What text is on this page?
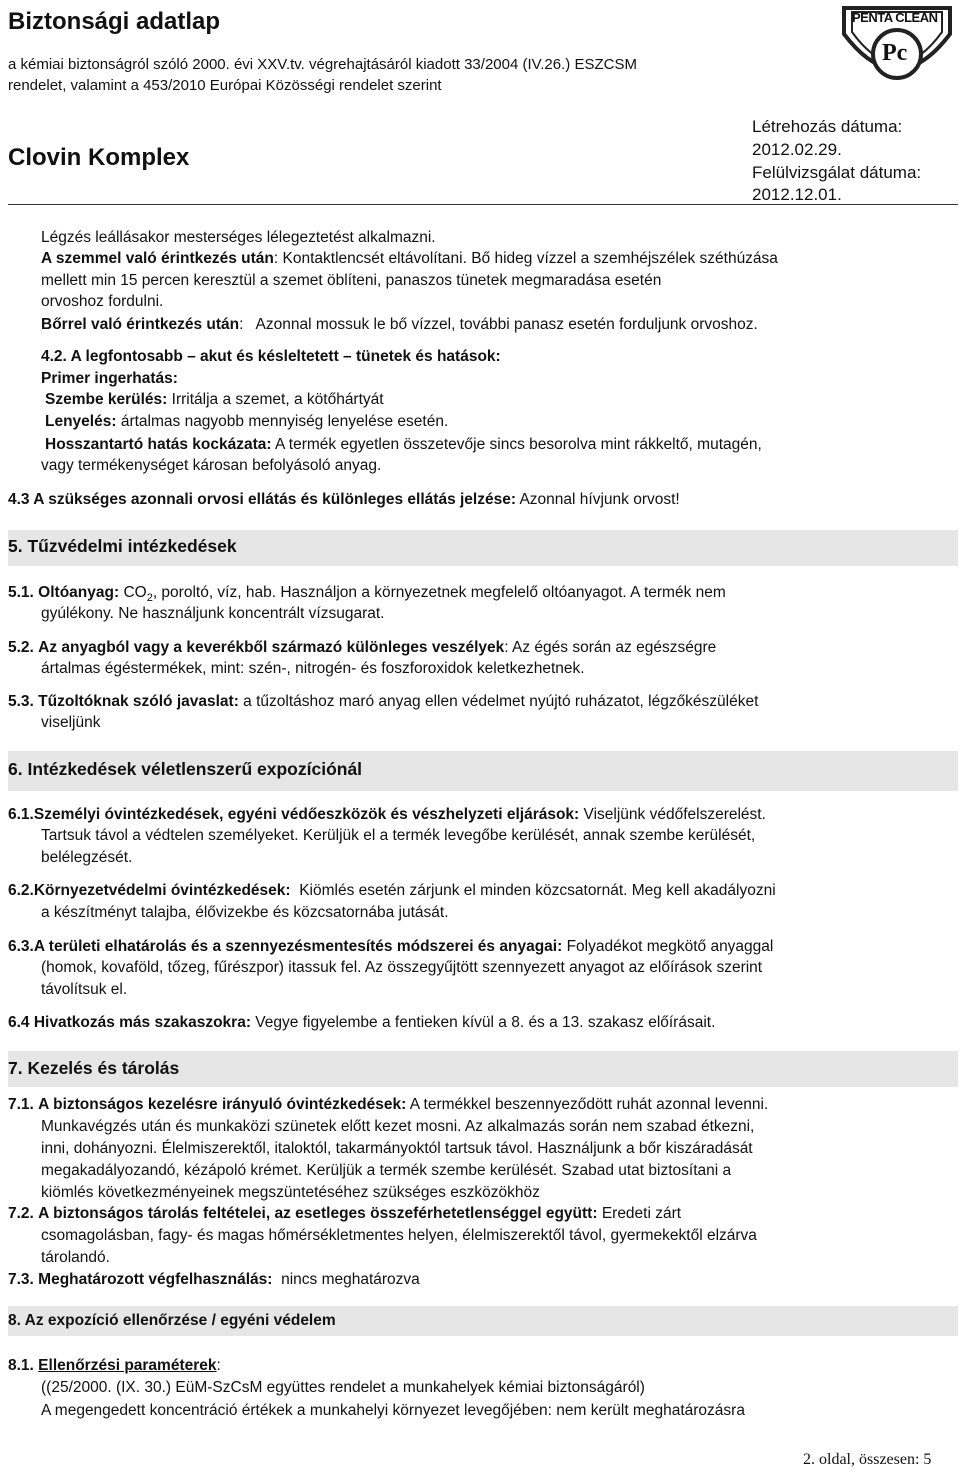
Biztonsági adatlap
a kémiai biztonságról szóló 2000. évi XXV.tv. végrehajtásáról kiadott 33/2004 (IV.26.) ESZCSM
rendelet, valamint a 453/2010 Európai Közösségi rendelet szerint
Clovin Komplex
Létrehozás dátuma:
2012.02.29.
Felülvizsgálat dátuma:
2012.12.01.
PENTA CLEAN
Pc
Légzés leállásakor mesterséges lélegeztetést alkalmazni.
A szemmel való érintkezés után: Kontaktlencsét eltávolítani. Bő hideg vízzel a szemhéjszélek széthúzása
mellett min 15 percen keresztül a szemet öblíteni, panaszos tünetek megmaradása esetén
orvoshoz fordulni.
Bőrrel való érintkezés után:   Azonnal mossuk le bő vízzel, további panasz esetén forduljunk orvoshoz.
4.2. A legfontosabb – akut és késleltetett – tünetek és hatások:
Primer ingerhatás:
Szembe kerülés: Irritálja a szemet, a kötőhártyát
Lenyelés: ártalmas nagyobb mennyiség lenyelése esetén.
Hosszantartó hatás kockázata: A termék egyetlen összetevője sincs besorolva mint rákkeltő, mutagén,
vagy termékenységet károsan befolyásoló anyag.
4.3 A szükséges azonnali orvosi ellátás és különleges ellátás jelzése: Azonnal hívjunk orvost!
5. Tűzvédelmi intézkedések
5.1. Oltóanyag: $CO_2$, poroltó, víz, hab. Használjon a környezetnek megfelelő oltóanyagot. A termék nem
gyúlékony. Ne használjunk koncentrált vízsugarat.
5.2. Az anyagból vagy a keverékből származó különleges veszélyek: Az égés során az egészségre
ártalmas égéstermékek, mint: szén-, nitrogén- és foszforoxidok keletkezhetnek.
5.3. Tűzoltóknak szóló javaslat: a tűzoltáshoz maró anyag ellen védelmet nyújtó ruházatot, légzőkészüléket
viseljünk
6. Intézkedések véletlenszerű expozíciónál
6.1.Személyi óvintézkedések, egyéni védőeszközök és vészhelyzeti eljárások: Viseljünk védőfelszerelést.
Tartsuk távol a védtelen személyeket. Kerüljük el a termék levegőbe kerülését, annak szembe kerülését,
belélegzését.
6.2.Környezetvédelmi óvintézkedések: Kiömlés esetén zárjunk el minden közcsatornát. Meg kell akadályozni
a készítményt talajba, élővizekbe és közcsatornába jutását.
6.3.A területi elhatárolás és a szennyezésmentesítés módszerei és anyagai: Folyadékot megkötő anyaggal
(homok, kovaföld, tőzeg, fűrészpor) itassuk fel. Az összegyűjtött szennyezett anyagot az előírások szerint
távolítsuk el.
6.4 Hivatkozás más szakaszokra: Vegye figyelembe a fentieken kívül a 8. és a 13. szakasz előírásait.
7. Kezelés és tárolás
7.1. A biztonságos kezelésre irányuló óvintézkedések: A termékkel beszennyeződött ruhát azonnal levenni.
Munkavégzés után és munkaközi szünetek előtt kezet mosni. Az alkalmazás során nem szabad étkezni,
inni, dohányozni. Élelmiszerektől, italoktól, takarmányoktól tartsuk távol. Használjunk a bőr kiszáradását
megakadályozandó, kézápoló krémet. Kerüljük a termék szembe kerülését. Szabad utat biztosítani a
kiömlés következményeinek megszüntetéséhez szükséges eszközökhöz
7.2. A biztonságos tárolás feltételei, az esetleges összeférhetetlenséggel együtt: Eredeti zárt
csomagolásban, fagy- és magas hőmérsékletmentes helyen, élelmiszerektől távol, gyermekektől elzárva
tárolandó.
7.3. Meghatározott végfelhasználás: nincs meghatározva
8. Az expozíció ellenőrzése / egyéni védelem
8.1. Ellenőrzési paraméterek:
((25/2000. (IX. 30.) EüM-SzCsM együttes rendelet a munkahelyek kémiai biztonságáról)
A megengedett koncentráció értékek a munkahelyi környezet levegőjében: nem került meghatározásra
2. oldal, összesen: 5
